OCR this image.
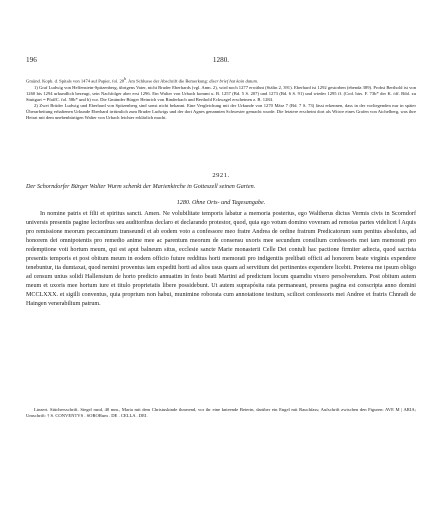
196	1280.

Gmünd. Kopb. d. Spitals von 1474 auf Papier, fol. 20$^b$. Am Schlusse der Abschrift die Bemerkung: diser brief hat kain datum.

1) Graf Ludwig von Helfenstein-Spitzenberg, übrigens Vater, nicht Bruder Eberhards (vgl. Anm. 2), wird noch 1277 erwähnt (Stälin 2, 391). Eberhard ist 1292 gestorben (ebenda 389). Probst Berthold ist von 1260 bis 1294 urkundlich bezeugt, sein Nachfolger aber erst 1296. Ein Walter von Urbach kommt u. B. 1257 (Bd. 5 S. 207) und 1273 (Bd. 6 S. 91) und wieder 1295 ff. (Cod. hirs. F. 73b* der K. öff. Bibl. zu Stuttgart = PfaffC. fol. 58b* und b) vor. Die Gmünder Bürger Heinrich von Rinderbach und Berthold Eckwagel erscheinen z. B. 1284.

2) Zwei Brüder Ludwig und Eberhard von Spitzenberg sind sonst nicht bekannt. Eine Vergleichung mit der Urkunde von 1270 März 7 (Bd. 7 S. 73) lässt erkennen, dass in der vorliegenden nur in später Überarbeitung erhaltenen Urkunde Eberhard irrtümlich zum Bruder Ludwigs und der dort Agnes genannten Schwester gemacht wurde. Die letztere erscheint dort als Witwe eines Grafen von Aichelberg, was ihre Heirat mit dem unebenbürtigen Walter von Urbach leichter erklärlich macht.

2921.
Der Schorndorfer Bürger Walter Wurm schenkt der Marienkirche in Gotteszell seinen Garten.
1280. Ohne Orts- und Tagesangabe.

In nomine patris et filii et spiritus sancti. Amen. Ne volubilitate temporis labatur a memoria posterius, ego Waltherus dictus Vermis civis in Scorndorf universis presentis pagine lectoribus seu auditoribus declaro et declarando protestor, quod, quia ego votum domino voveram ad remotas partes videlicet ‖ Aquis pro remissione meorum peccaminum transeundi et ab eodem voto a confessore meo fratre Andrea de ordine fratrum Predicatorum sum penitus absolutus, ad honorem dei omnipotentis pro remedio anime mee ac parentum meorum de consensu uxoris mee secundum consilium confessoris mei iam memorati pro redemptione voti hortum meum, qui est aput balneum situs, ecclesie sancte Marie monasterii Celle Dei contuli hac pactione firmiter adiecta, quod sacrista presentis temporis et post obitum meum in eodem officio future redditus horti memorati pro indigentiis prelibati officii ad honorem beate virginis expendere tenebuntur, ita dumtaxat, quod nemini proventus iam expediti horti ad alios usus quam ad servitium dei pertinentes expendere licebit. Preterea me ipsum obligo ad censum unius solidi Hallensium de horto predicto annuatim in festo beati Martini ad predictum locum quamdiu vixero persolvendum. Post obitum autem meum et uxoris mee hortum iure et titulo proprietatis libere possidebunt. Ut autem suprapósita rata permaneant, presens pagina est conscripta anno domini MCCLXXX. et sigilli conventus, quia proprium non habui, munimine roborata cum annotatione testium, scilicet confessoris mei Andree et fratris Chnradi de Haingen venerabilium patrum.

Linzert. Stüchersschrift. Siegel rund, 40 mm., Maria mit dem Christuskinde thronend, vor ihr eine knieende Beterin, darüber ein Engel mit Rauchfass; Aufschrift zwischen den Figuren: AVE M | ARIA; Umschrift: † S. CONVENTVS . SORORum . DE . CELLA . DEI.
